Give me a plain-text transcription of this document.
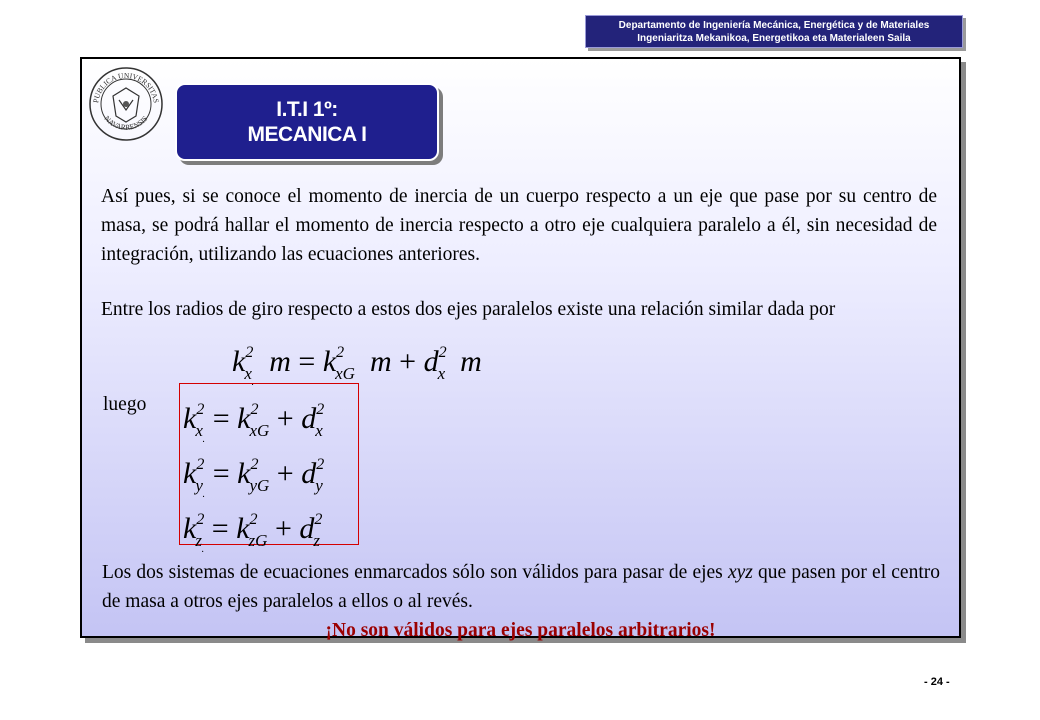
Departamento de Ingeniería Mecánica, Energética y de Materiales
Ingeniaritza Mekanikoa, Energetikoa eta Materialeen Saila
PUBLICA UNIVERSITAS
NAVARRENSIS	I.T.I 1º:
MECANICA I

Así pues, si se conoce el momento de inercia de un cuerpo respecto a un eje que pase por su centro de masa, se podrá hallar el momento de inercia respecto a otro eje cualquiera paralelo a él, sin necesidad de integración, utilizando las ecuaciones anteriores.

Entre los radios de giro respecto a estos dos ejes paralelos existe una relación similar dada por

$k^2_{x_\cdot}$  $m = k^2_{xG}$ $m + d^2_x$ m
luego $k^2_{x_\cdot} = k^2_{xG} + d^2_x$
$k^2_{y_\cdot} = k^2_{yG} + d^2_y$
$k^2_{z_\cdot} = k^2_{zG} + d^2_z$

Los dos sistemas de ecuaciones enmarcados sólo son válidos para pasar de ejes xyz que pasen por el centro de masa a otros ejes paralelos a ellos o al revés.

¡No son válidos para ejes paralelos arbitrarios!
- 24 -
